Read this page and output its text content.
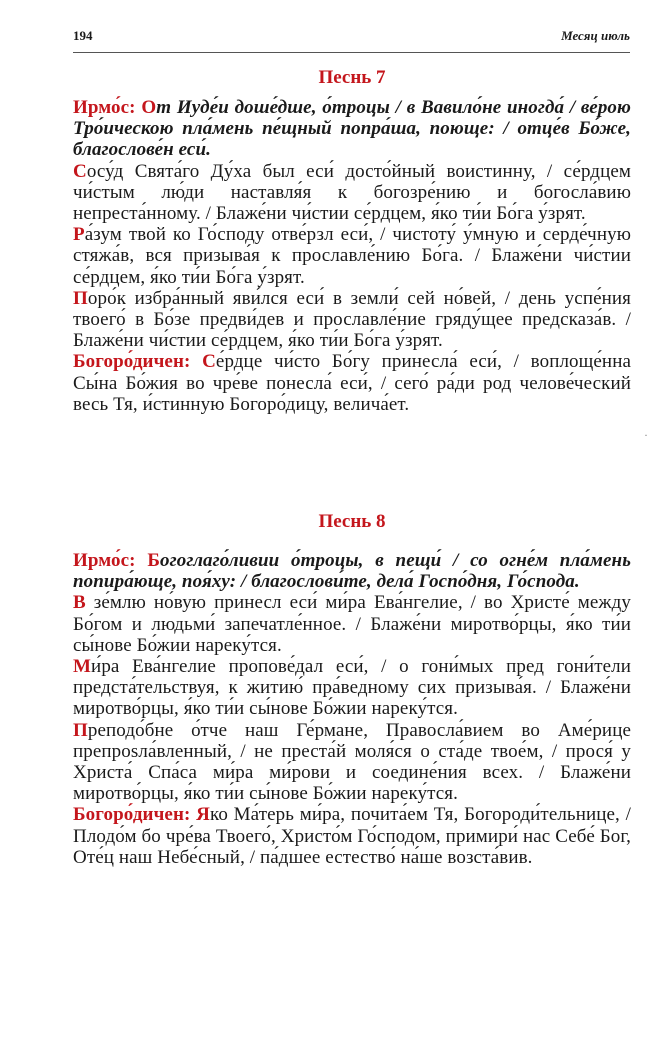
194	Месяц июль
Песнь 7

Ирмо́с: От Иуде́и доше́дше, о́троцы / в Вавило́не иногда́ / ве́рою Тро́ическою пла́мень пе́щный попра́ша, поюще: / отце́в Бо́же, благослове́н еси́.

Сосу́д Свята́го Ду́ха был еси́ досто́йный воистинну, / се́рдцем чи́стым лю́ди наставля́я к богозре́нию и богосла́вию непреста́нному. / Блаже́ни чи́стии се́рдцем, я́ко ти́и Бо́га у́зрят.

Ра́зум твой ко Го́споду отве́рзл еси́, / чистоту́ у́мную и серде́чную стяжа́в, вся призыва́я к прославле́нию Бо́га. / Блаже́ни чи́стии се́рдцем, я́ко ти́и Бо́га у́зрят.

Поро́к избра́нный яви́лся еси́ в земли́ сей но́вей, / день успе́ния твоего́ в Бо́зе предви́дев и прославле́ние гряду́щее предсказа́в. / Блаже́ни чи́стии се́рдцем, я́ко ти́и Бо́га у́зрят.

Богоро́дичен: Се́рдце чи́сто Бо́гу принесла́ еси́, / воплоще́нна Сы́на Бо́жия во чре́ве понесла́ еси́, / сего́ ра́ди род челове́ческий весь Тя, и́стинную Богоро́дицу, велича́ет.

Песнь 8

Ирмо́с: Богоглаго́ливии о́троцы, в пещи́ / со огне́м пла́мень попира́юще, поя́ху: / благослови́те, дела́ Госпо́дня, Го́спода.

В зе́млю но́вую принесл еси́ ми́ра Ева́нгелие, / во Христе́ между Бо́гом и людьми́ запечатле́нное. / Блаже́ни миротво́рцы, я́ко ти́и сы́нове Бо́жии нареку́тся.

Ми́ра Ева́нгелие пропове́дал еси́, / о гони́мых пред гони́тели предста́тельствуя, к житию́ пра́ведному сих призыва́я. / Блаже́ни миротво́рцы, я́ко ти́и сы́нове Бо́жии нареку́тся.

Преподо́бне о́тче наш Ге́рмане, Правосла́вием во Аме́рице препрosла́вленный, / не преста́й моля́ся о ста́де твое́м, / прося́ у Христа́ Спа́са ми́ра ми́рови и соедине́ния всех. / Блаже́ни миротво́рцы, я́ко ти́и сы́нове Бо́жии нареку́тся.

Богоро́дичен: Яко Ма́терь ми́ра, почита́ем Тя, Богороди́тельнице, / Плодо́м бо чре́ва Твоего́, Христо́м Го́сподом, примири́ нас Себе́ Бог, Оте́ц наш Небе́сный, / па́дшее естество́ на́ше возста́вив.

·
